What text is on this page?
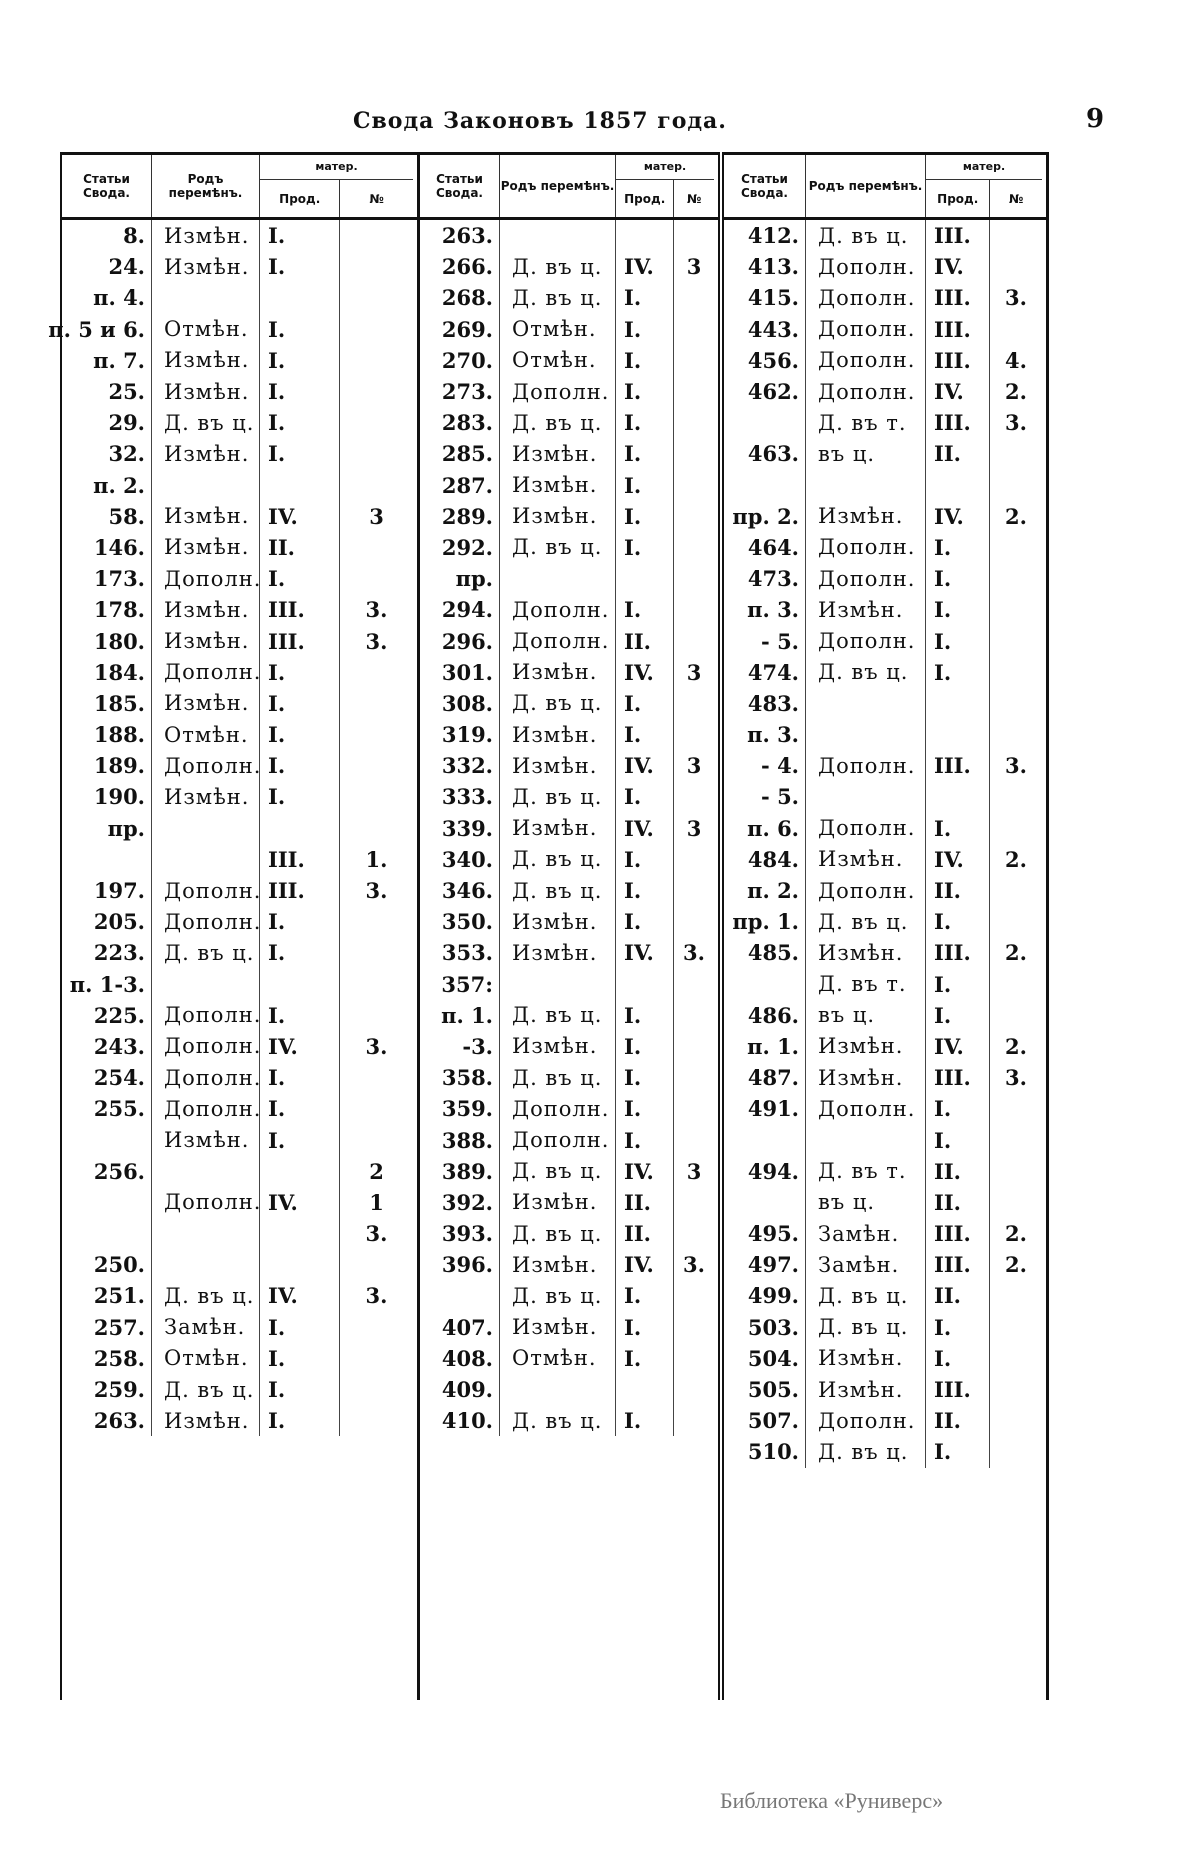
Свода Законовъ 1857 года.	9
Статьи Свода.
Родъ перемѣнъ.
матер.
Прод.	№
8. Измѣн. I.
24. Измѣн. I.
п. 4.
п. 5 и 6. Отмѣн. I.
п. 7. Измѣн. I.
25. Измѣн. I.
29. Д. въ ц. I.
32. Измѣн. I.
п. 2.
58. Измѣн. IV.	3
146. Измѣн. II.
173. Дополн. I.
178. Измѣн. III.	3.
180. Измѣн. III.	3.
184. Дополн. I.
185. Измѣн. I.
188. Отмѣн. I.
189. Дополн. I.
190. Измѣн. I.
пр.
III.	1.
197. Дополн. III.	3.
205. Дополн. I.
223. Д. въ ц. I.
п. 1-3.
225. Дополн. I.
243. Дополн. IV.	3.
254. Дополн. I.
255. Дополн. I.
Измѣн. I.
256.	2
Дополн. IV.	1
3.
250.
251. Д. въ ц. IV.	3.
257. Замѣн.	I.
258. Отмѣн. I.
259. Д. въ ц. I.
263. Измѣн. I.
Статьи Свода.	Родъ перемѣнъ.
матер.
Прод.	№
263.
266. Д. въ ц.	IV.	3
268. Д. въ ц.	I.
269. Отмѣн.	I.
270. Отмѣн.	I.
273. Дополн. I.
283. Д. въ ц.	I.
285. Измѣн.	I.
287. Измѣн.	I.
289. Измѣн.	I.
292. Д. въ ц.	I.
пр.
294. Дополн. I.
296. Дополн. II.
301. Измѣн.	IV.	3
308. Д. въ ц.	I.
319. Измѣн.	I.
332. Измѣн.	IV.	3
333. Д. въ ц.	I.
339. Измѣн.	IV.	3
340. Д. въ ц.	I.
346. Д. въ ц.	I.
350. Измѣн.	I.
353. Измѣн.	IV.	3.
357:
п. 1. Д. въ ц.	I.
-3. Измѣн.	I.
358. Д. въ ц.	I.
359. Дополн. I.
388. Дополн. I.
389. Д. въ ц.	IV.	3
392. Измѣн.	II.
393. Д. въ ц.	II.
396. Измѣн.	IV.	3.
Д. въ ц.	I.
407. Измѣн.	I.
408. Отмѣн.	I.
409.
410. Д. въ ц.	I.
Статьи Свода.	Родъ перемѣнъ.
матер.
Прод.	№
412. Д. въ ц.	III.
413. Дополн. IV.
415. Дополн. III.	3.
443. Дополн. III.
456. Дополн. III.	4.
462. Дополн. IV.	2.
Д. въ т.	III.	3.
463. въ ц.	II.
пр. 2. Измѣн.	IV.	2.
464. Дополн. I.
473. Дополн. I.
п. 3. Измѣн.	I.
- 5. Дополн. I.
474. Д. въ ц.	I.
483.
п. 3.
- 4. Дополн. III.	3.
- 5.
п. 6. Дополн. I.
484. Измѣн.	IV.	2.
п. 2. Дополн. II.
пр. 1. Д. въ ц.	I.
485. Измѣн.	III.	2.
Д. въ т.	I.
486. въ ц.	I.
п. 1. Измѣн.	IV.	2.
487. Измѣн.	III.	3.
491. Дополн. I.
I.
494. Д. въ т.	II.
въ ц.	II.
495. Замѣн.	III.	2.
497. Замѣн.	III.	2.
499. Д. въ ц.	II.
503. Д. въ ц.	I.
504. Измѣн.	I.
505. Измѣн.	III.
507. Дополн. II.
510. Д. въ ц.	I.
Библиотека «Руниверс»
